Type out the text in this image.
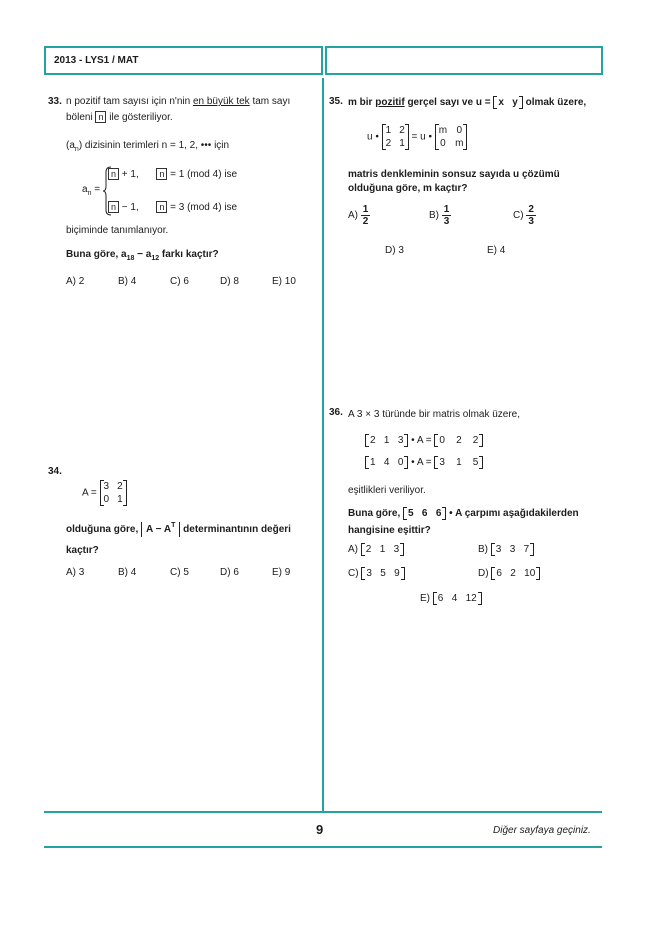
2013 - LYS1 / MAT
33. n pozitif tam sayısı için n'nin en büyük tek tam sayı
böleni n ile gösteriliyor.
$(a_n)$ dizisinin terimleri n = 1, 2, ••• için
$a_n$ =
n + 1, n = 1 (mod 4) ise
n − 1, n = 3 (mod 4) ise
biçiminde tanımlanıyor.
Buna göre, $a_{18} - a_{12}$ farkı kaçtır?
A) 2	B) 4	C) 6	D) 8	E) 10
34.
A =
3	2
0	1
olduğuna göre, $A - A^T$ determinantının değeri
kaçtır?
A) 3	B) 4	C) 5	D) 6	E) 9
35. m bir pozitif gerçel sayı ve u = x y olmak üzere,
u •
1	2
2	1
= u •
m	0
0	m
matris denkleminin sonsuz sayıda u çözümü
olduğuna göre, m kaçtır?
$A) \frac{1}{2}$	$B) \frac{1}{3}$	$C) \frac{2}{3}$
D) 3	E) 4
36. A 3 × 3 türünde bir matris olmak üzere,
2 1 3 • A = 0 2 2
1 4 0 • A = 3 1 5
eşitlikleri veriliyor.
Buna göre, 5 6 6 • A çarpımı aşağıdakilerden
hangisine eşittir?
A) 2 1 3	B) 3 3 7
C) 3 5 9	D) 6 2 10
E) 6 4 12
9	Diğer sayfaya geçiniz.
